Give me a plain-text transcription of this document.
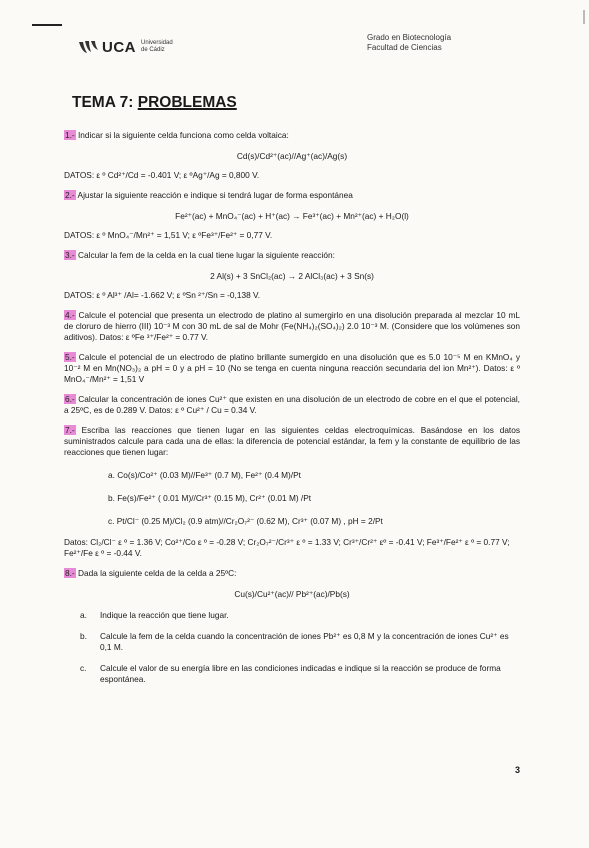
UCA Universidad
de Cádiz
Grado en Biotecnología
Facultad de Ciencias
TEMA 7: PROBLEMAS

1.- Indicar si la siguiente celda funciona como celda voltaica:

Cd(s)/Cd²⁺(ac)//Ag⁺(ac)/Ag(s)

DATOS: ε º Cd²⁺/Cd = -0.401 V; ε ºAg⁺/Ag = 0,800 V.

2.- Ajustar la siguiente reacción e indique si tendrá lugar de forma espontánea

Fe²⁺(ac) + MnO₄⁻(ac) + H⁺(ac) → Fe³⁺(ac) + Mn²⁺(ac) + H₂O(l)

DATOS: ε º MnO₄⁻/Mn²⁺ = 1,51 V; ε ºFe³⁺/Fe²⁺ = 0,77 V.

3.- Calcular la fem de la celda en la cual tiene lugar la siguiente reacción:

2 Al(s) + 3 SnCl₂(ac) → 2 AlCl₃(ac) + 3 Sn(s)

DATOS: ε º Al³⁺ /Al= -1.662 V; ε ºSn ²⁺/Sn = -0,138 V.

4.- Calcule el potencial que presenta un electrodo de platino al sumergirlo en una disolución preparada al mezclar 10 mL de cloruro de hierro (III) 10⁻³ M con 30 mL de sal de Mohr (Fe(NH₄)₂(SO₄)₂) 2.0 10⁻³ M. (Considere que los volúmenes son aditivos). Datos: ε ºFe ³⁺/Fe²⁺ = 0.77 V.

5.- Calcule el potencial de un electrodo de platino brillante sumergido en una disolución que es 5.0 10⁻⁵ M en KMnO₄ y 10⁻² M en Mn(NO₃)₂ a pH = 0 y a pH = 10 (No se tenga en cuenta ninguna reacción secundaria del ion Mn²⁺). Datos: ε º MnO₄⁻/Mn²⁺ = 1,51 V

6.- Calcular la concentración de iones Cu²⁺ que existen en una disolución de un electrodo de cobre en el que el potencial, a 25ºC, es de 0.289 V. Datos: ε º Cu²⁺ / Cu = 0.34 V.

7.- Escriba las reacciones que tienen lugar en las siguientes celdas electroquímicas. Basándose en los datos suministrados calcule para cada una de ellas: la diferencia de potencial estándar, la fem y la constante de equilibrio de las reacciones que tienen lugar:

a. Co(s)/Co²⁺ (0.03 M)//Fe³⁺ (0.7 M), Fe²⁺ (0.4 M)/Pt

b. Fe(s)/Fe²⁺ ( 0.01 M)//Cr³⁺ (0.15 M), Cr²⁺ (0.01 M) /Pt

c. Pt/Cl⁻ (0.25 M)/Cl₂ (0.9 atm)//Cr₂O₇²⁻ (0.62 M), Cr³⁺ (0.07 M) , pH = 2/Pt

Datos: Cl₂/Cl⁻ ε º = 1.36 V; Co²⁺/Co ε º = -0.28 V; Cr₂O₇²⁻/Cr³⁺ ε º = 1.33 V; Cr³⁺/Cr²⁺ εº = -0.41 V; Fe³⁺/Fe²⁺ ε º = 0.77 V; Fe²⁺/Fe ε º = -0.44 V.

8.- Dada la siguiente celda de la celda a 25ºC:

Cu(s)/Cu²⁺(ac)// Pb²⁺(ac)/Pb(s)

a.	Indique la reacción que tiene lugar.
b.	Calcule la fem de la celda cuando la concentración de iones Pb²⁺ es 0,8 M y la concentración de iones Cu²⁺ es 0,1 M.
c.	Calcule el valor de su energía libre en las condiciones indicadas e indique si la reacción se produce de forma espontánea.
3
